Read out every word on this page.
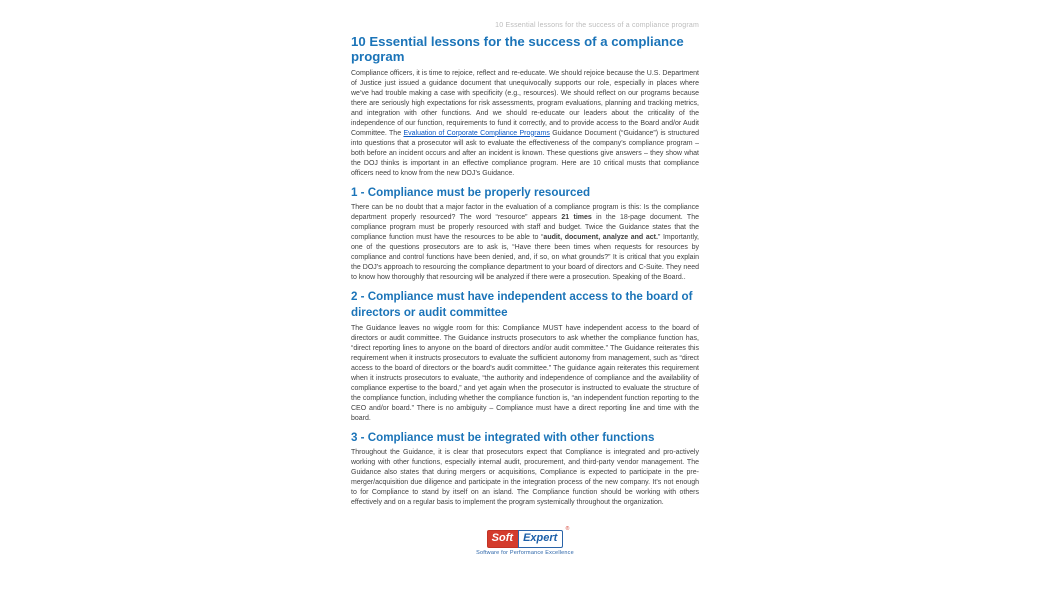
10 Essential lessons for the success of a compliance program
10 Essential lessons for the success of a compliance program

Compliance officers, it is time to rejoice, reflect and re-educate. We should rejoice because the U.S. Department of Justice just issued a guidance document that unequivocally supports our role, especially in places where we’ve had trouble making a case with specificity (e.g., resources). We should reflect on our programs because there are seriously high expectations for risk assessments, program evaluations, planning and tracking metrics, and integration with other functions. And we should re-educate our leaders about the criticality of the independence of our function, requirements to fund it correctly, and to provide access to the Board and/or Audit Committee. The Evaluation of Corporate Compliance Programs Guidance Document (“Guidance”) is structured into questions that a prosecutor will ask to evaluate the effectiveness of the company’s compliance program – both before an incident occurs and after an incident is known. These questions give answers – they show what the DOJ thinks is important in an effective compliance program. Here are 10 critical musts that compliance officers need to know from the new DOJ’s Guidance.

1 - Compliance must be properly resourced

There can be no doubt that a major factor in the evaluation of a compliance program is this: Is the compliance department properly resourced? The word “resource” appears 21 times in the 18-page document. The compliance program must be properly resourced with staff and budget. Twice the Guidance states that the compliance function must have the resources to be able to “audit, document, analyze and act.” Importantly, one of the questions prosecutors are to ask is, “Have there been times when requests for resources by compliance and control functions have been denied, and, if so, on what grounds?” It is critical that you explain the DOJ’s approach to resourcing the compliance department to your board of directors and C-Suite. They need to know how thoroughly that resourcing will be analyzed if there were a prosecution. Speaking of the Board..

2 - Compliance must have independent access to the board of directors or audit committee

The Guidance leaves no wiggle room for this: Compliance MUST have independent access to the board of directors or audit committee. The Guidance instructs prosecutors to ask whether the compliance function has, “direct reporting lines to anyone on the board of directors and/or audit committee.” The Guidance reiterates this requirement when it instructs prosecutors to evaluate the sufficient autonomy from management, such as “direct access to the board of directors or the board’s audit committee.” The guidance again reiterates this requirement when it instructs prosecutors to evaluate, “the authority and independence of compliance and the availability of compliance expertise to the board,” and yet again when the prosecutor is instructed to evaluate the structure of the compliance function, including whether the compliance function is, “an independent function reporting to the CEO and/or board.” There is no ambiguity – Compliance must have a direct reporting line and time with the board.

3 - Compliance must be integrated with other functions

Throughout the Guidance, it is clear that prosecutors expect that Compliance is integrated and pro-actively working with other functions, especially internal audit, procurement, and third-party vendor management. The Guidance also states that during mergers or acquisitions, Compliance is expected to participate in the pre-merger/acquisition due diligence and participate in the integration process of the new company. It’s not enough to for Compliance to stand by itself on an island. The Compliance function should be working with others effectively and on a regular basis to implement the program systemically throughout the organization.

Soft Expert
®
Software for Performance Excellence
